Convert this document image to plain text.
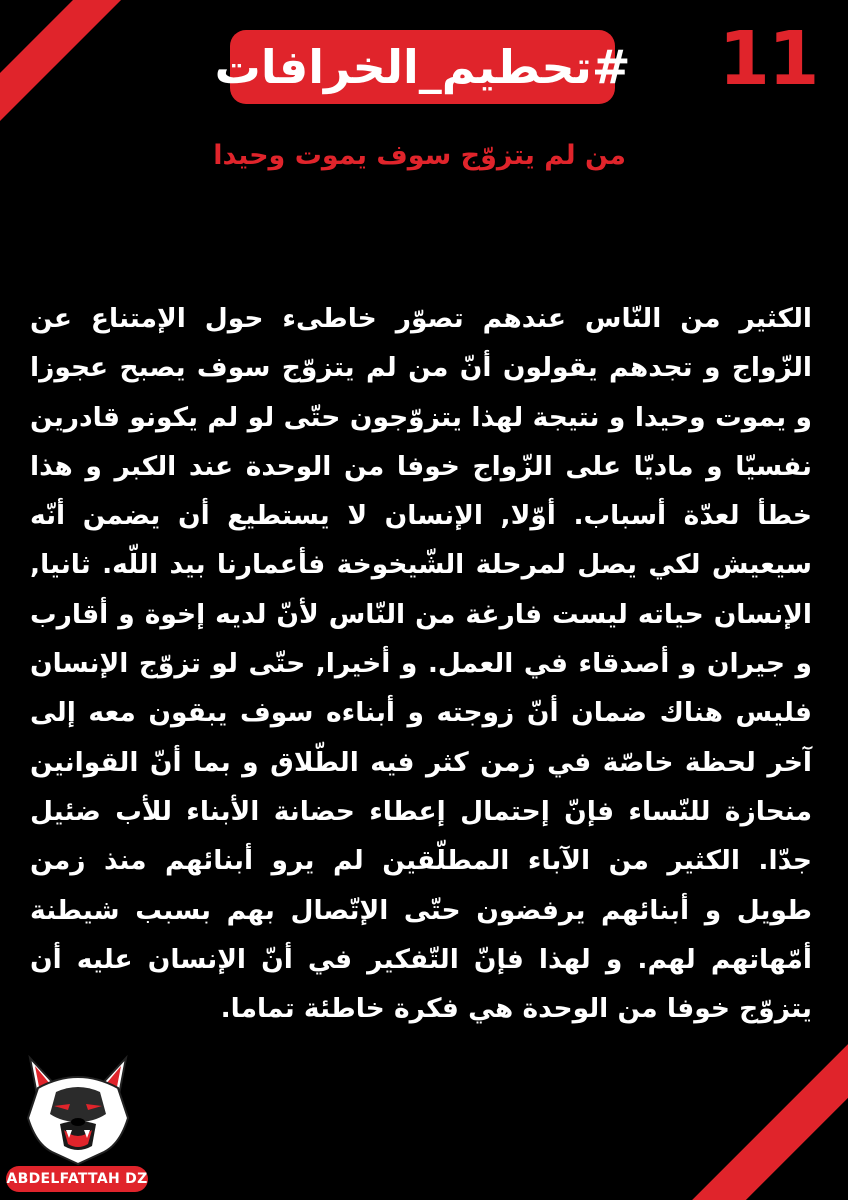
#تحطيم_الخرافات 11
من لم يتزوّج سوف يموت وحيدا
الكثير من النّاس عندهم تصوّر خاطىء حول الإمتناع عن الزّواج و تجدهم يقولون أنّ من لم يتزوّج سوف يصبح عجوزا و يموت وحيدا و نتيجة لهذا يتزوّجون حتّى لو لم يكونو قادرين نفسيّا و ماديّا على الزّواج خوفا من الوحدة عند الكبر و هذا خطأ لعدّة أسباب. أوّلا, الإنسان لا يستطيع أن يضمن أنّه سيعيش لكي يصل لمرحلة الشّيخوخة فأعمارنا بيد اللّه. ثانيا, الإنسان حياته ليست فارغة من النّاس لأنّ لديه إخوة و أقارب و جيران و أصدقاء في العمل. و أخيرا, حتّى لو تزوّج الإنسان فليس هناك ضمان أنّ زوجته و أبناءه سوف يبقون معه إلى آخر لحظة خاصّة في زمن كثر فيه الطّلاق و بما أنّ القوانين منحازة للنّساء فإنّ إحتمال إعطاء حضانة الأبناء للأب ضئيل جدّا. الكثير من الآباء المطلّقين لم يرو أبنائهم منذ زمن طويل و أبنائهم يرفضون حتّى الإتّصال بهم بسبب شيطنة أمّهاتهم لهم. و لهذا فإنّ التّفكير في أنّ الإنسان عليه أن يتزوّج خوفا من الوحدة هي فكرة خاطئة تماما.
ABDELFATTAH DZ
